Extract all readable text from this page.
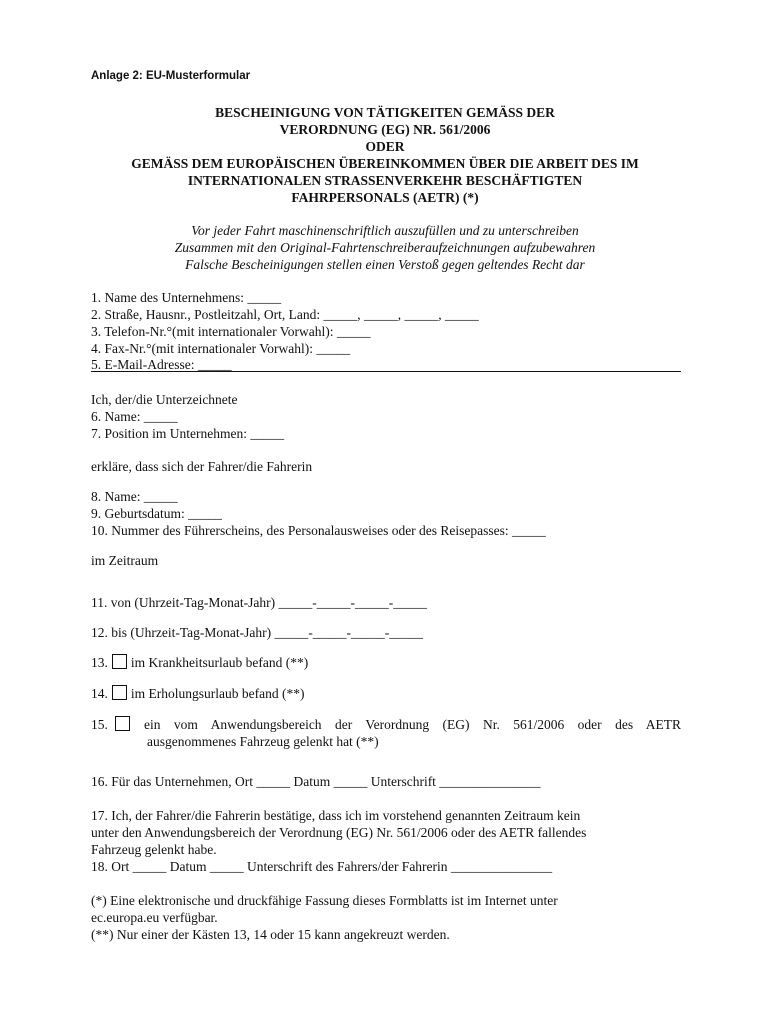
Anlage 2: EU-Musterformular
BESCHEINIGUNG VON TÄTIGKEITEN GEMÄSS DER
VERORDNUNG (EG) NR. 561/2006
ODER
GEMÄSS DEM EUROPÄISCHEN ÜBEREINKOMMEN ÜBER DIE ARBEIT DES IM
INTERNATIONALEN STRASSENVERKEHR BESCHÄFTIGTEN
FAHRPERSONALS (AETR) (*)
Vor jeder Fahrt maschinenschriftlich auszufüllen und zu unterschreiben
Zusammen mit den Original-Fahrtenschreiberaufzeichnungen aufzubewahren
Falsche Bescheinigungen stellen einen Verstoß gegen geltendes Recht dar
1. Name des Unternehmens: _____
2. Straße, Hausnr., Postleitzahl, Ort, Land: _____, _____, _____, _____
3. Telefon-Nr.°(mit internationaler Vorwahl): _____
4. Fax-Nr.°(mit internationaler Vorwahl): _____
5. E-Mail-Adresse: _____
Ich, der/die Unterzeichnete
6. Name: _____
7. Position im Unternehmen: _____
erkläre, dass sich der Fahrer/die Fahrerin
8. Name: _____
9. Geburtsdatum: _____
10. Nummer des Führerscheins, des Personalausweises oder des Reisepasses: _____
im Zeitraum
11. von (Uhrzeit-Tag-Monat-Jahr) _____-_____-_____-_____
12. bis (Uhrzeit-Tag-Monat-Jahr) _____-_____-_____-_____
13. im Krankheitsurlaub befand (**)
14. im Erholungsurlaub befand (**)
15.	ein vom Anwendungsbereich der Verordnung (EG) Nr. 561/2006 oder des AETR
ausgenommenes Fahrzeug gelenkt hat (**)
16. Für das Unternehmen, Ort _____ Datum _____ Unterschrift _______________
17. Ich, der Fahrer/die Fahrerin bestätige, dass ich im vorstehend genannten Zeitraum kein
unter den Anwendungsbereich der Verordnung (EG) Nr. 561/2006 oder des AETR fallendes
Fahrzeug gelenkt habe.
18. Ort _____ Datum _____ Unterschrift des Fahrers/der Fahrerin _______________
(*) Eine elektronische und druckfähige Fassung dieses Formblatts ist im Internet unter
ec.europa.eu verfügbar.
(**) Nur einer der Kästen 13, 14 oder 15 kann angekreuzt werden.
